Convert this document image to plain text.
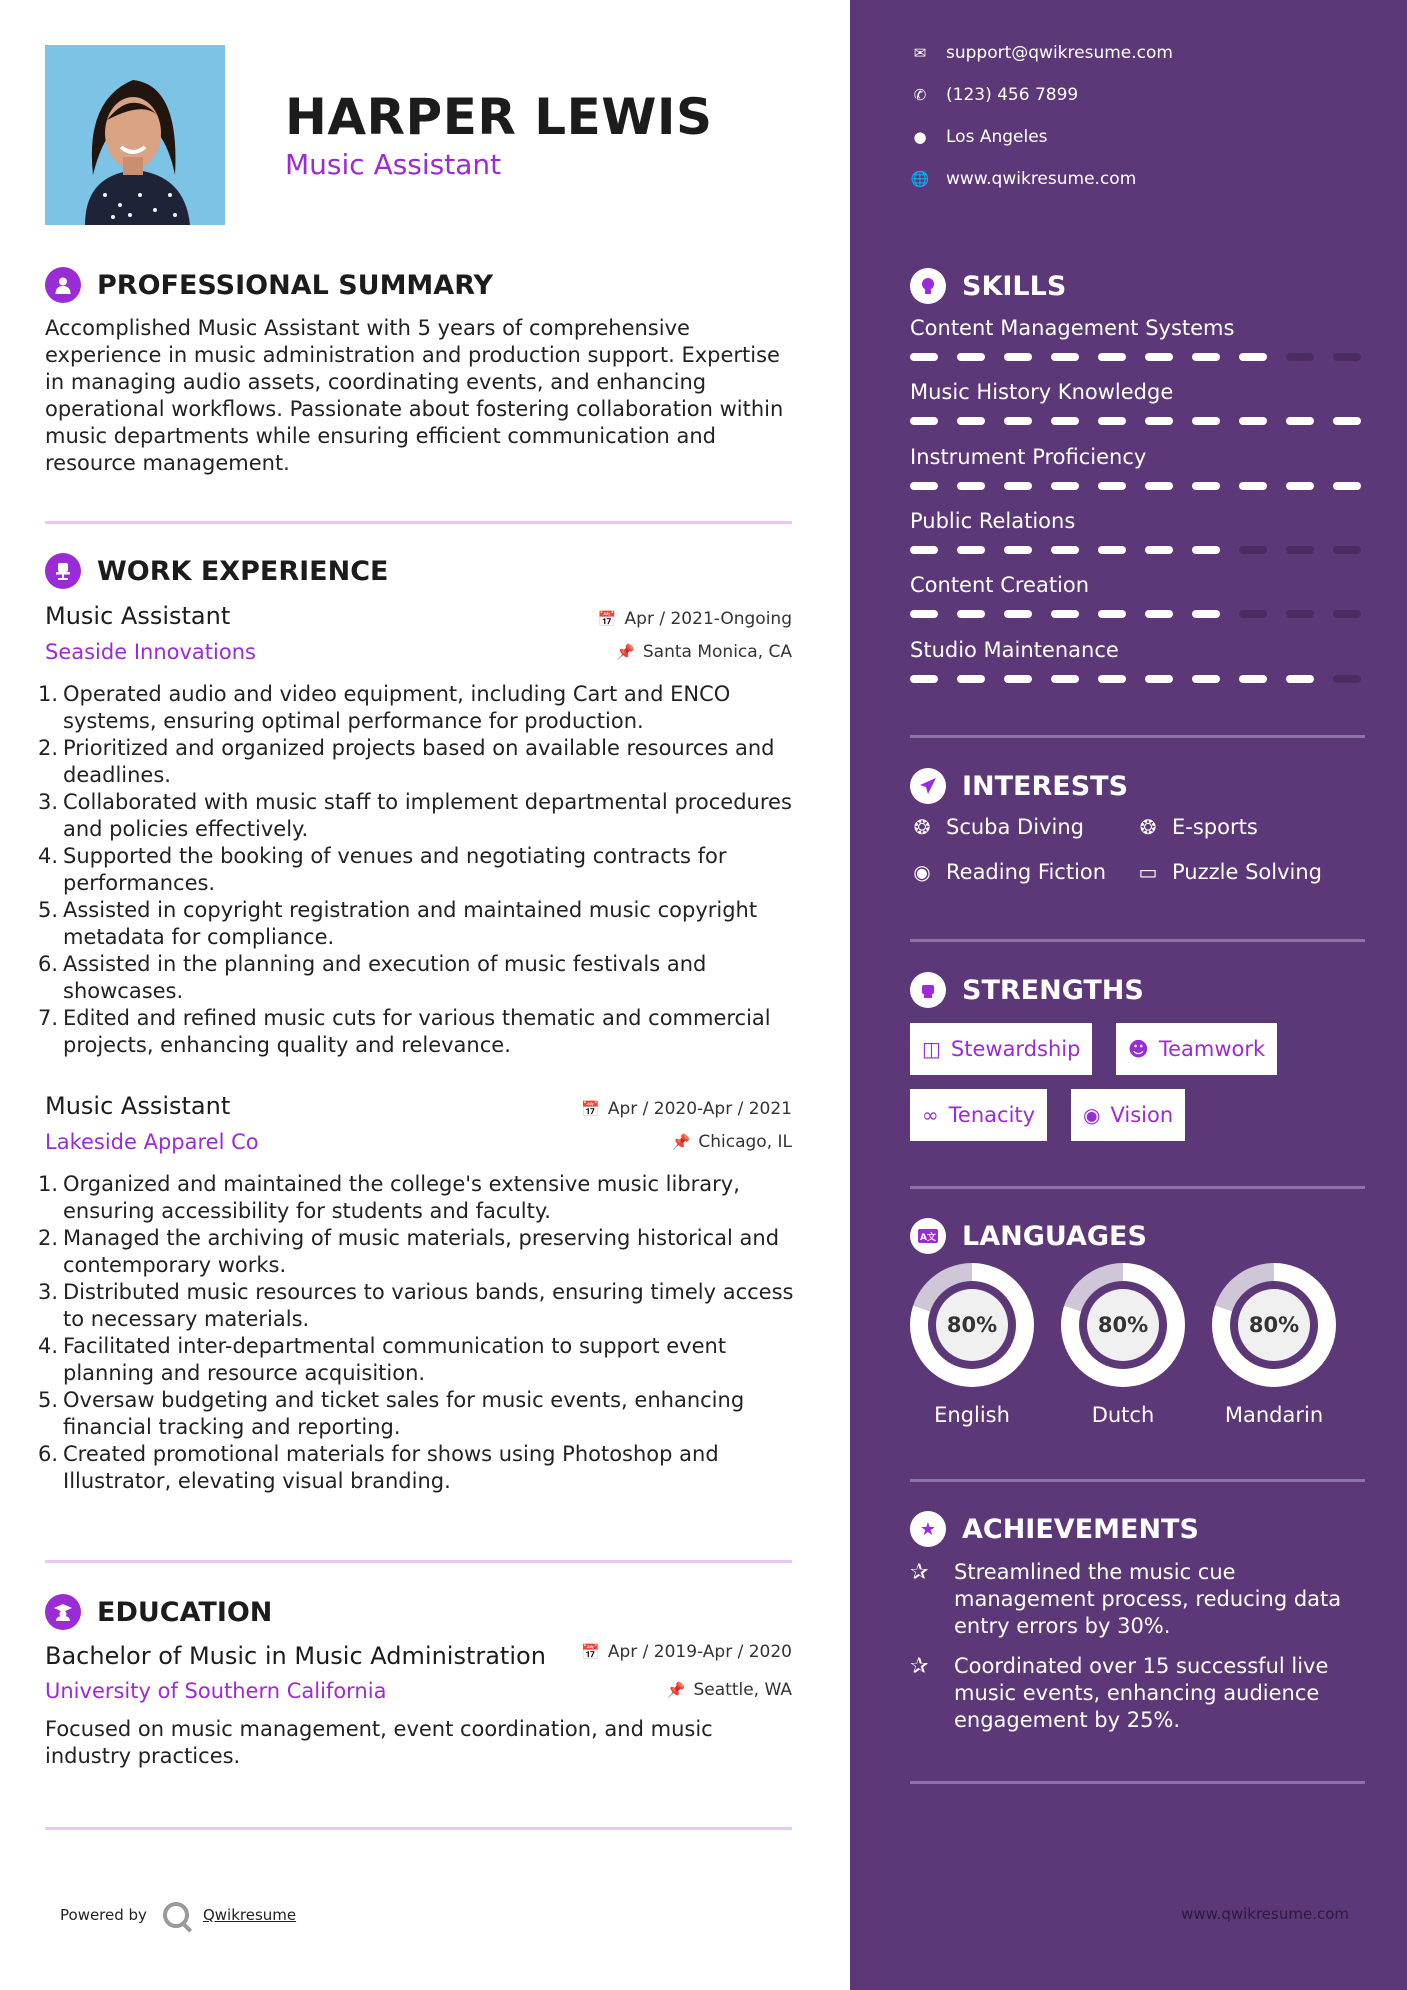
HARPER LEWIS
Music Assistant
PROFESSIONAL SUMMARY
Accomplished Music Assistant with 5 years of comprehensive experience in music administration and production support. Expertise in managing audio assets, coordinating events, and enhancing operational workflows. Passionate about fostering collaboration within music departments while ensuring efficient communication and resource management.
WORK EXPERIENCE
Music Assistant	📅 Apr / 2021-Ongoing
Seaside Innovations	📌 Santa Monica, CA
1. Operated audio and video equipment, including Cart and ENCO systems, ensuring optimal performance for production.
2. Prioritized and organized projects based on available resources and deadlines.
3. Collaborated with music staff to implement departmental procedures and policies effectively.
4. Supported the booking of venues and negotiating contracts for performances.
5. Assisted in copyright registration and maintained music copyright metadata for compliance.
6. Assisted in the planning and execution of music festivals and showcases.
7. Edited and refined music cuts for various thematic and commercial projects, enhancing quality and relevance.
Music Assistant	📅 Apr / 2020-Apr / 2021
Lakeside Apparel Co	📌 Chicago, IL
1. Organized and maintained the college's extensive music library, ensuring accessibility for students and faculty.
2. Managed the archiving of music materials, preserving historical and contemporary works.
3. Distributed music resources to various bands, ensuring timely access to necessary materials.
4. Facilitated inter-departmental communication to support event planning and resource acquisition.
5. Oversaw budgeting and ticket sales for music events, enhancing financial tracking and reporting.
6. Created promotional materials for shows using Photoshop and Illustrator, elevating visual branding.
EDUCATION
Bachelor of Music in Music Administration 📅 Apr / 2019-Apr / 2020
University of Southern California	📌 Seattle, WA
Focused on music management, event coordination, and music industry practices.
Powered by	Qwikresume
✉ support@qwikresume.com
✆ (123) 456 7899
● Los Angeles
🌐 www.qwikresume.com
SKILLS
Content Management Systems
Music History Knowledge
Instrument Proficiency
Public Relations
Content Creation
Studio Maintenance
INTERESTS
❂ Scuba Diving	❂ E-sports
◉ Reading Fiction ▭ Puzzle Solving
STRENGTHS
◫ Stewardship ☻ Teamwork
∞ Tenacity ◉ Vision
A文 LANGUAGES
80%
English
80%
Dutch
80%
Mandarin
★ ACHIEVEMENTS
✰	Streamlined the music cue management process, reducing data entry errors by 30%.
✰	Coordinated over 15 successful live music events, enhancing audience engagement by 25%.
www.qwikresume.com
